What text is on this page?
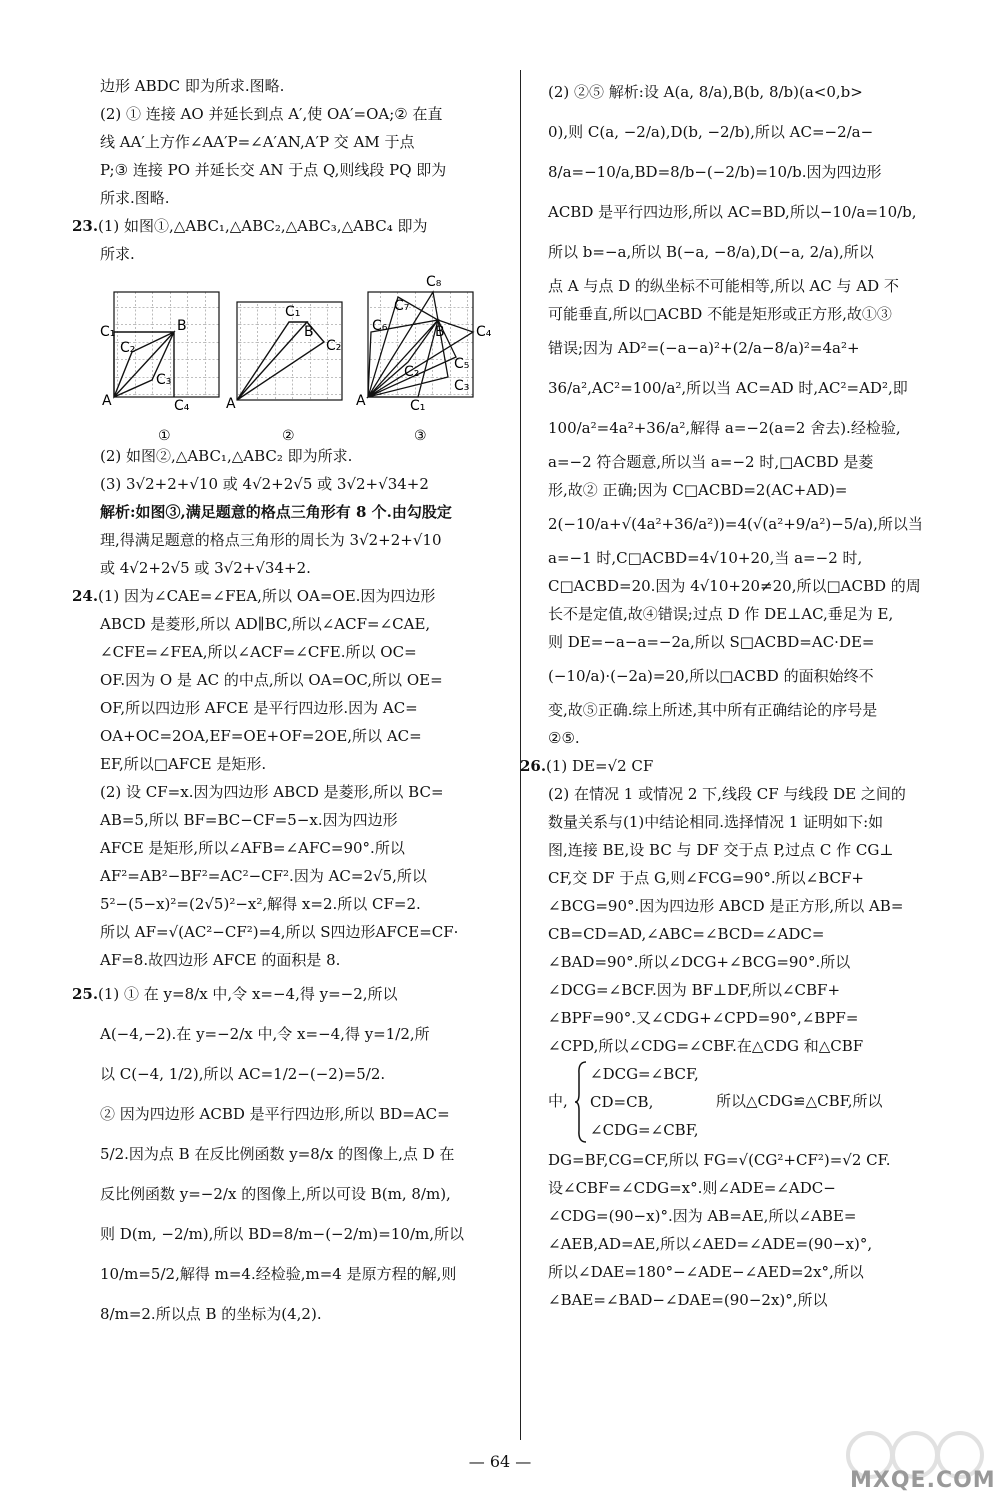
边形 ABDC 即为所求.图略.
(2) ① 连接 AO 并延长到点 A′,使 OA′=OA;② 在直
线 AA′上方作∠AA′P=∠A′AN,A′P 交 AM 于点
P;③ 连接 PO 并延长交 AN 于点 Q,则线段 PQ 即为
所求.图略.
23.(1) 如图①,△ABC₁,△ABC₂,△ABC₃,△ABC₄ 即为
所求.
A
B
C₁
C₂
C₃
C₄
①
A
B
C₁
C₂
②
A
B
C₈
C₇
C₆	C₄
C₅
C₃
C₂
C₁
③
(2) 如图②,△ABC₁,△ABC₂ 即为所求.
(3) 3√2+2+√10 或 4√2+2√5 或 3√2+√34+2
解析:如图③,满足题意的格点三角形有 8 个.由勾股定
理,得满足题意的格点三角形的周长为 3√2+2+√10
或 4√2+2√5 或 3√2+√34+2.
24.(1) 因为∠CAE=∠FEA,所以 OA=OE.因为四边形
ABCD 是菱形,所以 AD∥BC,所以∠ACF=∠CAE,
∠CFE=∠FEA,所以∠ACF=∠CFE.所以 OC=
OF.因为 O 是 AC 的中点,所以 OA=OC,所以 OE=
OF,所以四边形 AFCE 是平行四边形.因为 AC=
OA+OC=2OA,EF=OE+OF=2OE,所以 AC=
EF,所以□AFCE 是矩形.
(2) 设 CF=x.因为四边形 ABCD 是菱形,所以 BC=
AB=5,所以 BF=BC−CF=5−x.因为四边形
AFCE 是矩形,所以∠AFB=∠AFC=90°.所以
AF²=AB²−BF²=AC²−CF².因为 AC=2√5,所以
5²−(5−x)²=(2√5)²−x²,解得 x=2.所以 CF=2.
所以 AF=√(AC²−CF²)=4,所以 S四边形AFCE=CF·
AF=8.故四边形 AFCE 的面积是 8.
25.(1) ① 在 y=8/x 中,令 x=−4,得 y=−2,所以
A(−4,−2).在 y=−2/x 中,令 x=−4,得 y=1/2,所
以 C(−4, 1/2),所以 AC=1/2−(−2)=5/2.
② 因为四边形 ACBD 是平行四边形,所以 BD=AC=
5/2.因为点 B 在反比例函数 y=8/x 的图像上,点 D 在
反比例函数 y=−2/x 的图像上,所以可设 B(m, 8/m),
则 D(m, −2/m),所以 BD=8/m−(−2/m)=10/m,所以
10/m=5/2,解得 m=4.经检验,m=4 是原方程的解,则
8/m=2.所以点 B 的坐标为(4,2).
(2) ②⑤ 解析:设 A(a, 8/a),B(b, 8/b)(a<0,b>
0),则 C(a, −2/a),D(b, −2/b),所以 AC=−2/a−
8/a=−10/a,BD=8/b−(−2/b)=10/b.因为四边形
ACBD 是平行四边形,所以 AC=BD,所以−10/a=10/b,
所以 b=−a,所以 B(−a, −8/a),D(−a, 2/a),所以
点 A 与点 D 的纵坐标不可能相等,所以 AC 与 AD 不
可能垂直,所以□ACBD 不能是矩形或正方形,故①③
错误;因为 AD²=(−a−a)²+(2/a−8/a)²=4a²+
36/a²,AC²=100/a²,所以当 AC=AD 时,AC²=AD²,即
100/a²=4a²+36/a²,解得 a=−2(a=2 舍去).经检验,
a=−2 符合题意,所以当 a=−2 时,□ACBD 是菱
形,故② 正确;因为 C□ACBD=2(AC+AD)=
2(−10/a+√(4a²+36/a²))=4(√(a²+9/a²)−5/a),所以当
a=−1 时,C□ACBD=4√10+20,当 a=−2 时,
C□ACBD=20.因为 4√10+20≠20,所以□ACBD 的周
长不是定值,故④错误;过点 D 作 DE⊥AC,垂足为 E,
则 DE=−a−a=−2a,所以 S□ACBD=AC·DE=
(−10/a)·(−2a)=20,所以□ACBD 的面积始终不
变,故⑤正确.综上所述,其中所有正确结论的序号是
②⑤.
26.(1) DE=√2 CF
(2) 在情况 1 或情况 2 下,线段 CF 与线段 DE 之间的
数量关系与(1)中结论相同.选择情况 1 证明如下:如
图,连接 BE,设 BC 与 DF 交于点 P,过点 C 作 CG⊥
CF,交 DF 于点 G,则∠FCG=90°.所以∠BCF+
∠BCG=90°.因为四边形 ABCD 是正方形,所以 AB=
CB=CD=AD,∠ABC=∠BCD=∠ADC=
∠BAD=90°.所以∠DCG+∠BCG=90°.所以
∠DCG=∠BCF.因为 BF⊥DF,所以∠CBF+
∠BPF=90°.又∠CDG+∠CPD=90°,∠BPF=
∠CPD,所以∠CDG=∠CBF.在△CDG 和△CBF
中,
∠DCG=∠BCF,
CD=CB,
∠CDG=∠CBF,
所以△CDG≌△CBF,所以
DG=BF,CG=CF,所以 FG=√(CG²+CF²)=√2 CF.
设∠CBF=∠CDG=x°.则∠ADE=∠ADC−
∠CDG=(90−x)°.因为 AB=AE,所以∠ABE=
∠AEB,AD=AE,所以∠AED=∠ADE=(90−x)°,
所以∠DAE=180°−∠ADE−∠AED=2x°,所以
∠BAE=∠BAD−∠DAE=(90−2x)°,所以
— 64 —
MXQE.COM
